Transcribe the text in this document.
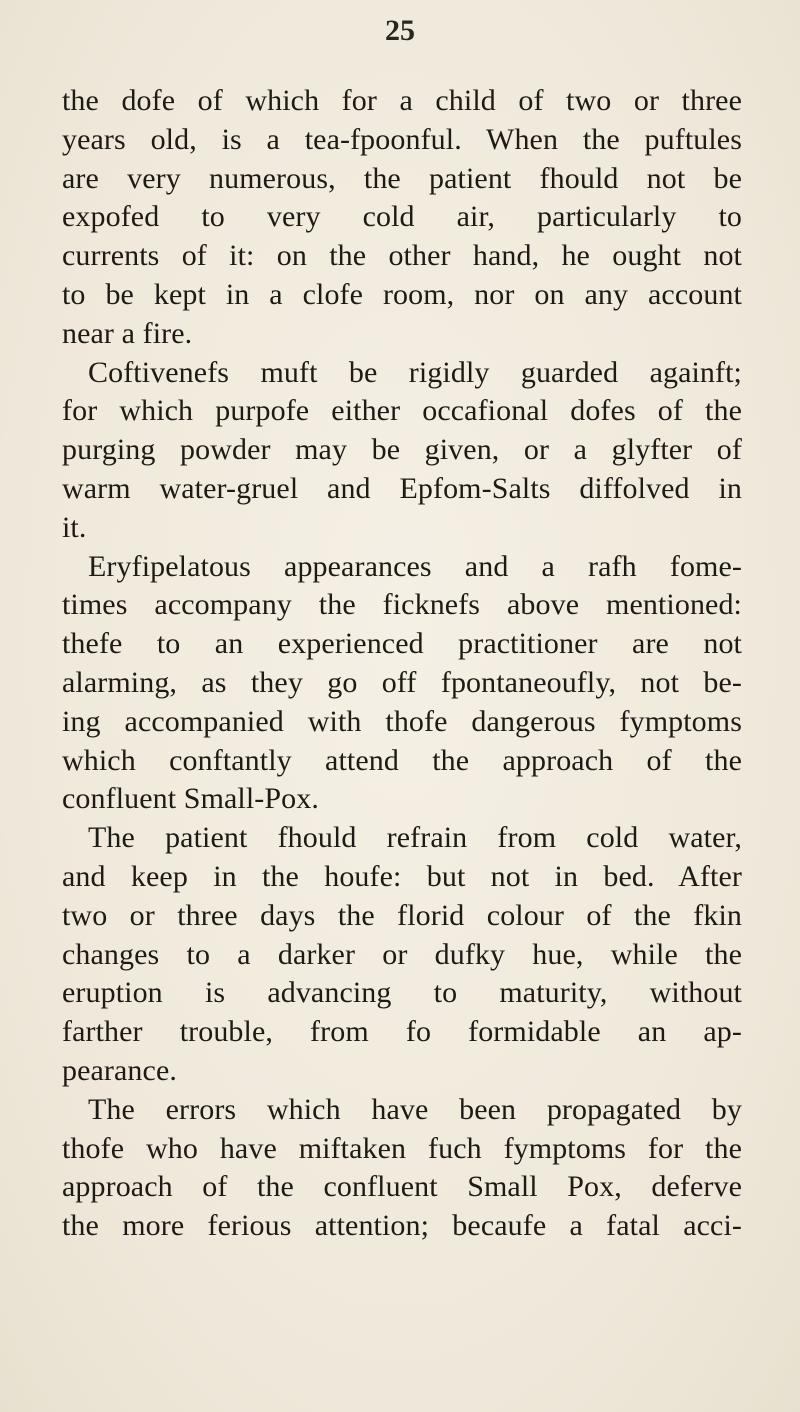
25
the dofe of which for a child of two or three
years old, is a tea-fpoonful. When the puftules
are very numerous, the patient fhould not be
expofed to very cold air, particularly to
currents of it: on the other hand, he ought not
to be kept in a clofe room, nor on any account
near a fire.
Coftivenefs muft be rigidly guarded againft;
for which purpofe either occafional dofes of the
purging powder may be given, or a glyfter of
warm water-gruel and Epfom-Salts diffolved in
it.
Eryfipelatous appearances and a rafh fome-
times accompany the ficknefs above mentioned:
thefe to an experienced practitioner are not
alarming, as they go off fpontaneoufly, not be-
ing accompanied with thofe dangerous fymptoms
which conftantly attend the approach of the
confluent Small-Pox.
The patient fhould refrain from cold water,
and keep in the houfe: but not in bed. After
two or three days the florid colour of the fkin
changes to a darker or dufky hue, while the
eruption is advancing to maturity, without
farther trouble, from fo formidable an ap-
pearance.
The errors which have been propagated by
thofe who have miftaken fuch fymptoms for the
approach of the confluent Small Pox, deferve
the more ferious attention; becaufe a fatal acci-
